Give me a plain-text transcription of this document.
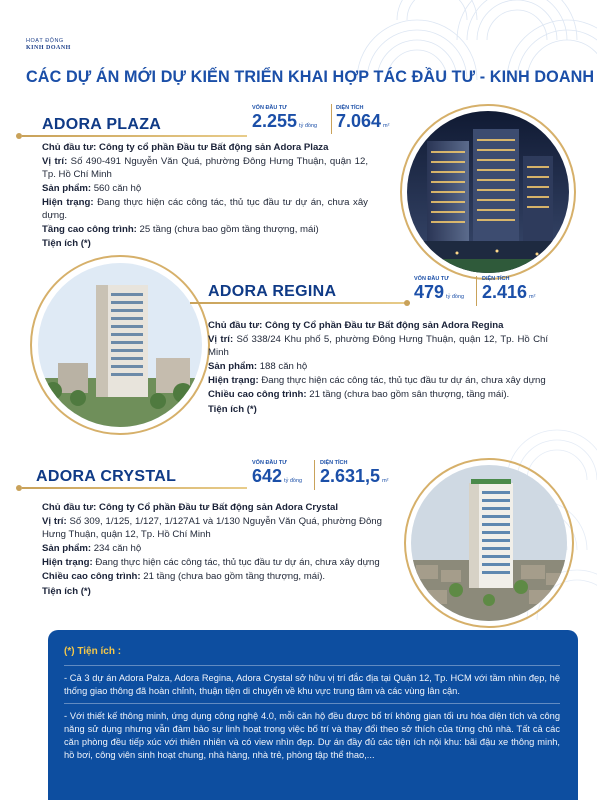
HOẠT ĐỘNG
KINH DOANH
CÁC DỰ ÁN MỚI DỰ KIẾN TRIỂN KHAI HỢP TÁC ĐẦU TƯ - KINH DOANH
ADORA PLAZA
VỐN ĐẦU TƯ
2.255 tỷ đồng
DIỆN TÍCH
7.064 m²

Chủ đầu tư: Công ty cổ phần Đầu tư Bất động sản Adora Plaza

Vị trí: Số 490-491 Nguyễn Văn Quá, phường Đông Hưng Thuận, quận 12, Tp. Hồ Chí Minh

Sản phẩm: 560 căn hộ

Hiện trạng: Đang thực hiện các công tác, thủ tục đầu tư dự án, chưa xây dựng.

Tầng cao công trình: 25 tầng (chưa bao gồm tầng thượng, mái)

Tiện ích (*)

ADORA REGINA
VỐN ĐẦU TƯ
479 tỷ đồng
DIỆN TÍCH
2.416 m²

Chủ đầu tư: Công ty Cổ phần Đầu tư Bất động sản Adora Regina

Vị trí: Số 338/24 Khu phố 5, phường Đông Hưng Thuận, quận 12, Tp. Hồ Chí Minh

Sản phẩm: 188 căn hộ

Hiện trạng: Đang thực hiện các công tác, thủ tục đầu tư dự án, chưa xây dựng

Chiều cao công trình: 21 tầng (chưa bao gồm sân thượng, tầng mái).

Tiện ích (*)

ADORA CRYSTAL
VỐN ĐẦU TƯ
642 tỷ đồng
DIỆN TÍCH
2.631,5 m²

Chủ đầu tư: Công ty Cổ phần Đầu tư Bất động sản Adora Crystal

Vị trí: Số 309, 1/125, 1/127, 1/127A1 và 1/130 Nguyễn Văn Quá, phường Đông Hưng Thuận, quận 12, Tp. Hồ Chí Minh

Sản phẩm: 234 căn hộ

Hiện trạng: Đang thực hiện các công tác, thủ tục đầu tư dự án, chưa xây dựng

Chiều cao công trình: 21 tầng (chưa bao gồm tầng thượng, mái).

Tiện ích (*)

(*) Tiện ích :
- Cả 3 dự án Adora Palza, Adora Regina, Adora Crystal sở hữu vị trí đắc địa tại Quận 12, Tp. HCM với tầm nhìn đẹp, hệ thống giao thông đã hoàn chỉnh, thuận tiện di chuyển về khu vực trung tâm và các vùng lân cận.
- Với thiết kế thông minh, ứng dụng công nghệ 4.0, mỗi căn hộ đều được bố trí không gian tối ưu hóa diện tích và công năng sử dụng nhưng vẫn đảm bảo sự linh hoạt trong việc bố trí và thay đổi theo sở thích của từng chủ nhà. Tất cả các căn phòng đều tiếp xúc với thiên nhiên và có view nhìn đẹp. Dự án đầy đủ các tiện ích nội khu: bãi đậu xe thông minh, hồ bơi, công viên sinh hoạt chung, nhà hàng, nhà trẻ, phòng tập thể thao,...
